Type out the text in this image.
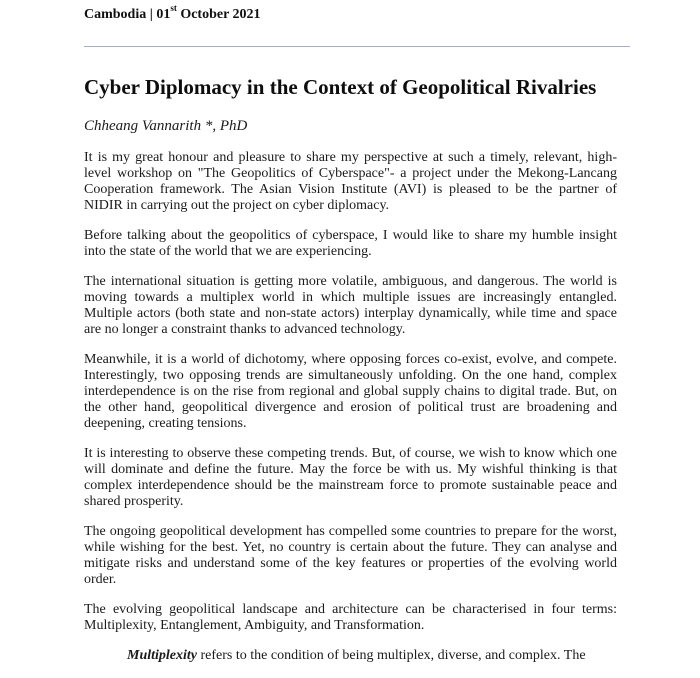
Cambodia | 01st October 2021
Cyber Diplomacy in the Context of Geopolitical Rivalries
Chheang Vannarith *, PhD

It is my great honour and pleasure to share my perspective at such a timely, relevant, high-level workshop on "The Geopolitics of Cyberspace"- a project under the Mekong-Lancang Cooperation framework. The Asian Vision Institute (AVI) is pleased to be the partner of NIDIR in carrying out the project on cyber diplomacy.

Before talking about the geopolitics of cyberspace, I would like to share my humble insight into the state of the world that we are experiencing.

The international situation is getting more volatile, ambiguous, and dangerous. The world is moving towards a multiplex world in which multiple issues are increasingly entangled. Multiple actors (both state and non-state actors) interplay dynamically, while time and space are no longer a constraint thanks to advanced technology.

Meanwhile, it is a world of dichotomy, where opposing forces co-exist, evolve, and compete. Interestingly, two opposing trends are simultaneously unfolding. On the one hand, complex interdependence is on the rise from regional and global supply chains to digital trade. But, on the other hand, geopolitical divergence and erosion of political trust are broadening and deepening, creating tensions.

It is interesting to observe these competing trends. But, of course, we wish to know which one will dominate and define the future. May the force be with us. My wishful thinking is that complex interdependence should be the mainstream force to promote sustainable peace and shared prosperity.

The ongoing geopolitical development has compelled some countries to prepare for the worst, while wishing for the best. Yet, no country is certain about the future. They can analyse and mitigate risks and understand some of the key features or properties of the evolving world order.

The evolving geopolitical landscape and architecture can be characterised in four terms: Multiplexity, Entanglement, Ambiguity, and Transformation.

Multiplexity refers to the condition of being multiplex, diverse, and complex. The
